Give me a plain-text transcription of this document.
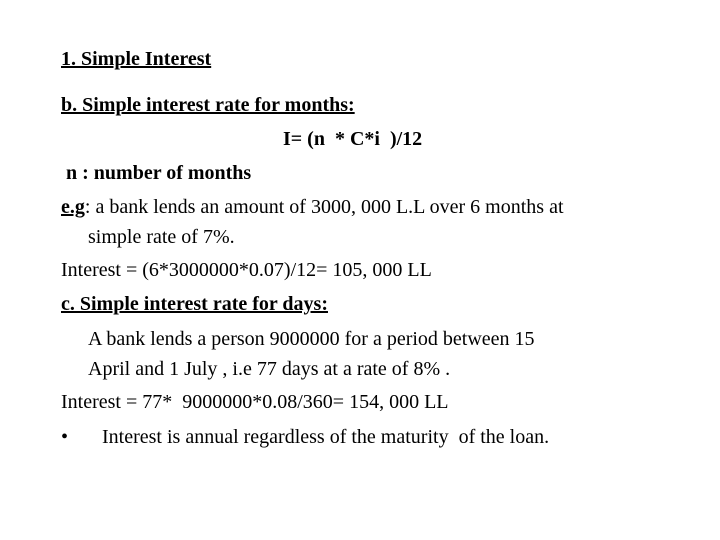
1. Simple Interest
b. Simple interest rate for months:
I= (n  * C*i  )/12
n : number of months
e.g: a bank lends an amount of 3000, 000 L.L over 6 months at
simple rate of 7%.
Interest = (6*3000000*0.07)/12= 105, 000 LL
c. Simple interest rate for days:
A bank lends a person 9000000 for a period between 15
April and 1 July , i.e 77 days at a rate of 8% .
Interest = 77*  9000000*0.08/360= 154, 000 LL
• Interest is annual regardless of the maturity  of the loan.
